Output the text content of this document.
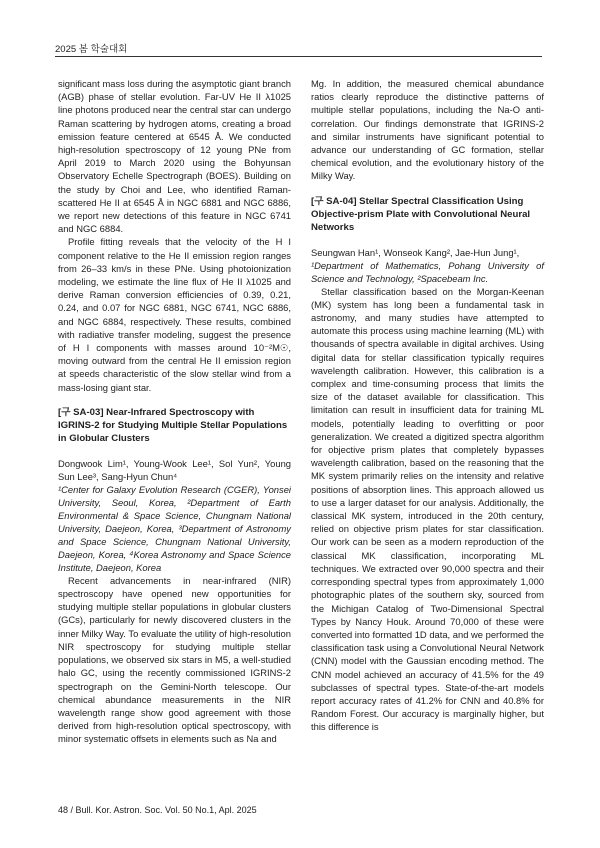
2025 봄 학술대회

significant mass loss during the asymptotic giant branch (AGB) phase of stellar evolution. Far-UV He II λ1025 line photons produced near the central star can undergo Raman scattering by hydrogen atoms, creating a broad emission feature centered at 6545 Å. We conducted high-resolution spectroscopy of 12 young PNe from April 2019 to March 2020 using the Bohyunsan Observatory Echelle Spectrograph (BOES). Building on the study by Choi and Lee, who identified Raman-scattered He II at 6545 Å in NGC 6881 and NGC 6886, we report new detections of this feature in NGC 6741 and NGC 6884.

Profile fitting reveals that the velocity of the H I component relative to the He II emission region ranges from 26–33 km/s in these PNe. Using photoionization modeling, we estimate the line flux of He II λ1025 and derive Raman conversion efficiencies of 0.39, 0.21, 0.24, and 0.07 for NGC 6881, NGC 6741, NGC 6886, and NGC 6884, respectively. These results, combined with radiative transfer modeling, suggest the presence of H I components with masses around 10⁻²M☉, moving outward from the central He II emission region at speeds characteristic of the slow stellar wind from a mass-losing giant star.

[구 SA-03] Near-Infrared Spectroscopy with IGRINS-2 for Studying Multiple Stellar Populations in Globular Clusters

Dongwook Lim¹, Young-Wook Lee¹, Sol Yun², Young Sun Lee³, Sang-Hyun Chun⁴

¹Center for Galaxy Evolution Research (CGER), Yonsei University, Seoul, Korea, ²Department of Earth Environmental & Space Science, Chungnam National University, Daejeon, Korea, ³Department of Astronomy and Space Science, Chungnam National University, Daejeon, Korea, ⁴Korea Astronomy and Space Science Institute, Daejeon, Korea

Recent advancements in near-infrared (NIR) spectroscopy have opened new opportunities for studying multiple stellar populations in globular clusters (GCs), particularly for newly discovered clusters in the inner Milky Way. To evaluate the utility of high-resolution NIR spectroscopy for studying multiple stellar populations, we observed six stars in M5, a well-studied halo GC, using the recently commissioned IGRINS-2 spectrograph on the Gemini-North telescope. Our chemical abundance measurements in the NIR wavelength range show good agreement with those derived from high-resolution optical spectroscopy, with minor systematic offsets in elements such as Na and

Mg. In addition, the measured chemical abundance ratios clearly reproduce the distinctive patterns of multiple stellar populations, including the Na-O anti-correlation. Our findings demonstrate that IGRINS-2 and similar instruments have significant potential to advance our understanding of GC formation, stellar chemical evolution, and the evolutionary history of the Milky Way.

[구 SA-04] Stellar Spectral Classification Using Objective-prism Plate with Convolutional Neural Networks

Seungwan Han¹, Wonseok Kang², Jae-Hun Jung¹,

¹Department of Mathematics, Pohang University of Science and Technology, ²Spacebeam Inc.

Stellar classification based on the Morgan-Keenan (MK) system has long been a fundamental task in astronomy, and many studies have attempted to automate this process using machine learning (ML) with thousands of spectra available in digital archives. Using digital data for stellar classification typically requires wavelength calibration. However, this calibration is a complex and time-consuming process that limits the size of the dataset available for classification. This limitation can result in insufficient data for training ML models, potentially leading to overfitting or poor generalization. We created a digitized spectra algorithm for objective prism plates that completely bypasses wavelength calibration, based on the reasoning that the MK system primarily relies on the intensity and relative positions of absorption lines. This approach allowed us to use a larger dataset for our analysis. Additionally, the classical MK system, introduced in the 20th century, relied on objective prism plates for star classification. Our work can be seen as a modern reproduction of the classical MK classification, incorporating ML techniques. We extracted over 90,000 spectra and their corresponding spectral types from approximately 1,000 photographic plates of the southern sky, sourced from the Michigan Catalog of Two-Dimensional Spectral Types by Nancy Houk. Around 70,000 of these were converted into formatted 1D data, and we performed the classification task using a Convolutional Neural Network (CNN) model with the Gaussian encoding method. The CNN model achieved an accuracy of 41.5% for the 49 subclasses of spectral types. State-of-the-art models report accuracy rates of 41.2% for CNN and 40.8% for Random Forest. Our accuracy is marginally higher, but this difference is

48 / Bull. Kor. Astron. Soc. Vol. 50 No.1, Apl. 2025
